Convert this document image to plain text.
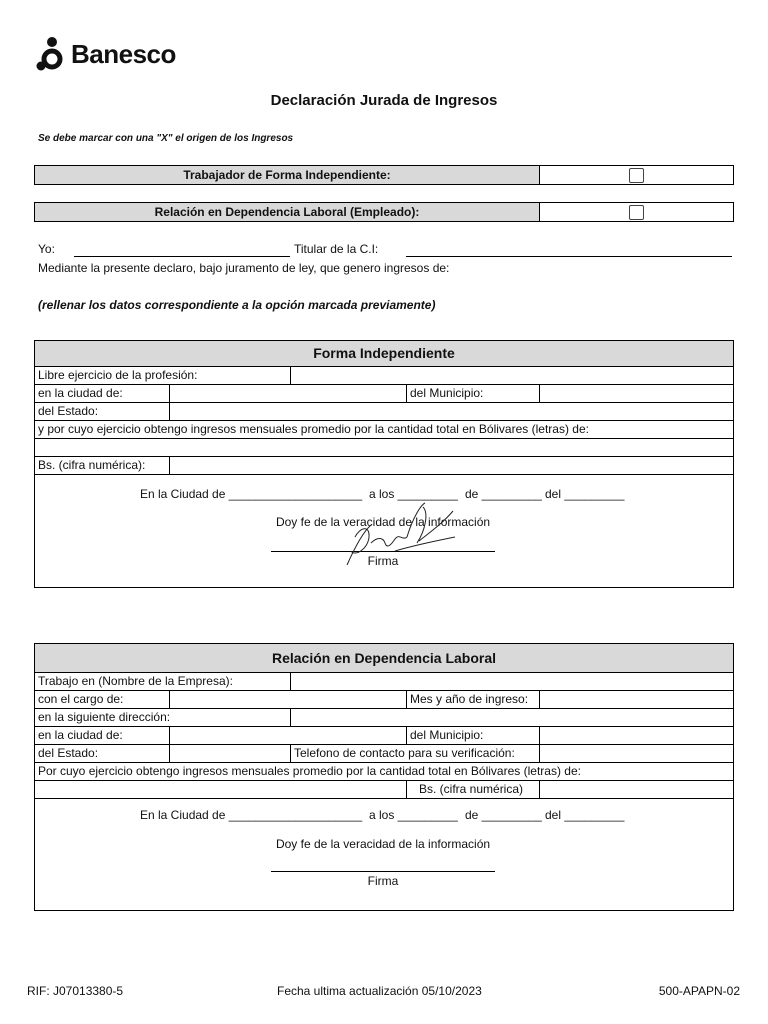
Banesco
Declaración Jurada de Ingresos
Se debe marcar con una "X" el origen de los Ingresos
Trabajador de Forma Independiente:
Relación en Dependencia Laboral (Empleado):
Yo:	Titular de la C.I:
Mediante la presente declaro, bajo juramento de ley, que genero ingresos de:
(rellenar los datos correspondiente a la opción marcada previamente)
Forma Independiente
Libre ejercicio de la profesión:
en la ciudad de:	del Municipio:
del Estado:
y por cuyo ejercicio obtengo ingresos mensuales promedio por la cantidad total en Bólivares (letras) de:
Bs. (cifra numérica):
En la Ciudad de ____________________ a los _________ de _________ del _________
Doy fe de la veracidad de la información
Firma
Relación en Dependencia Laboral
Trabajo en (Nombre de la Empresa):
con el cargo de:	Mes y año de ingreso:
en la siguiente dirección:
en la ciudad de:	del Municipio:
del Estado:	Telefono de contacto para su verificación:
Por cuyo ejercicio obtengo ingresos mensuales promedio por la cantidad total en Bólivares (letras) de:
Bs. (cifra numérica)
En la Ciudad de ____________________ a los _________ de _________ del _________
Doy fe de la veracidad de la información
Firma
RIF: J07013380-5	Fecha ultima actualización 05/10/2023	500-APAPN-02
